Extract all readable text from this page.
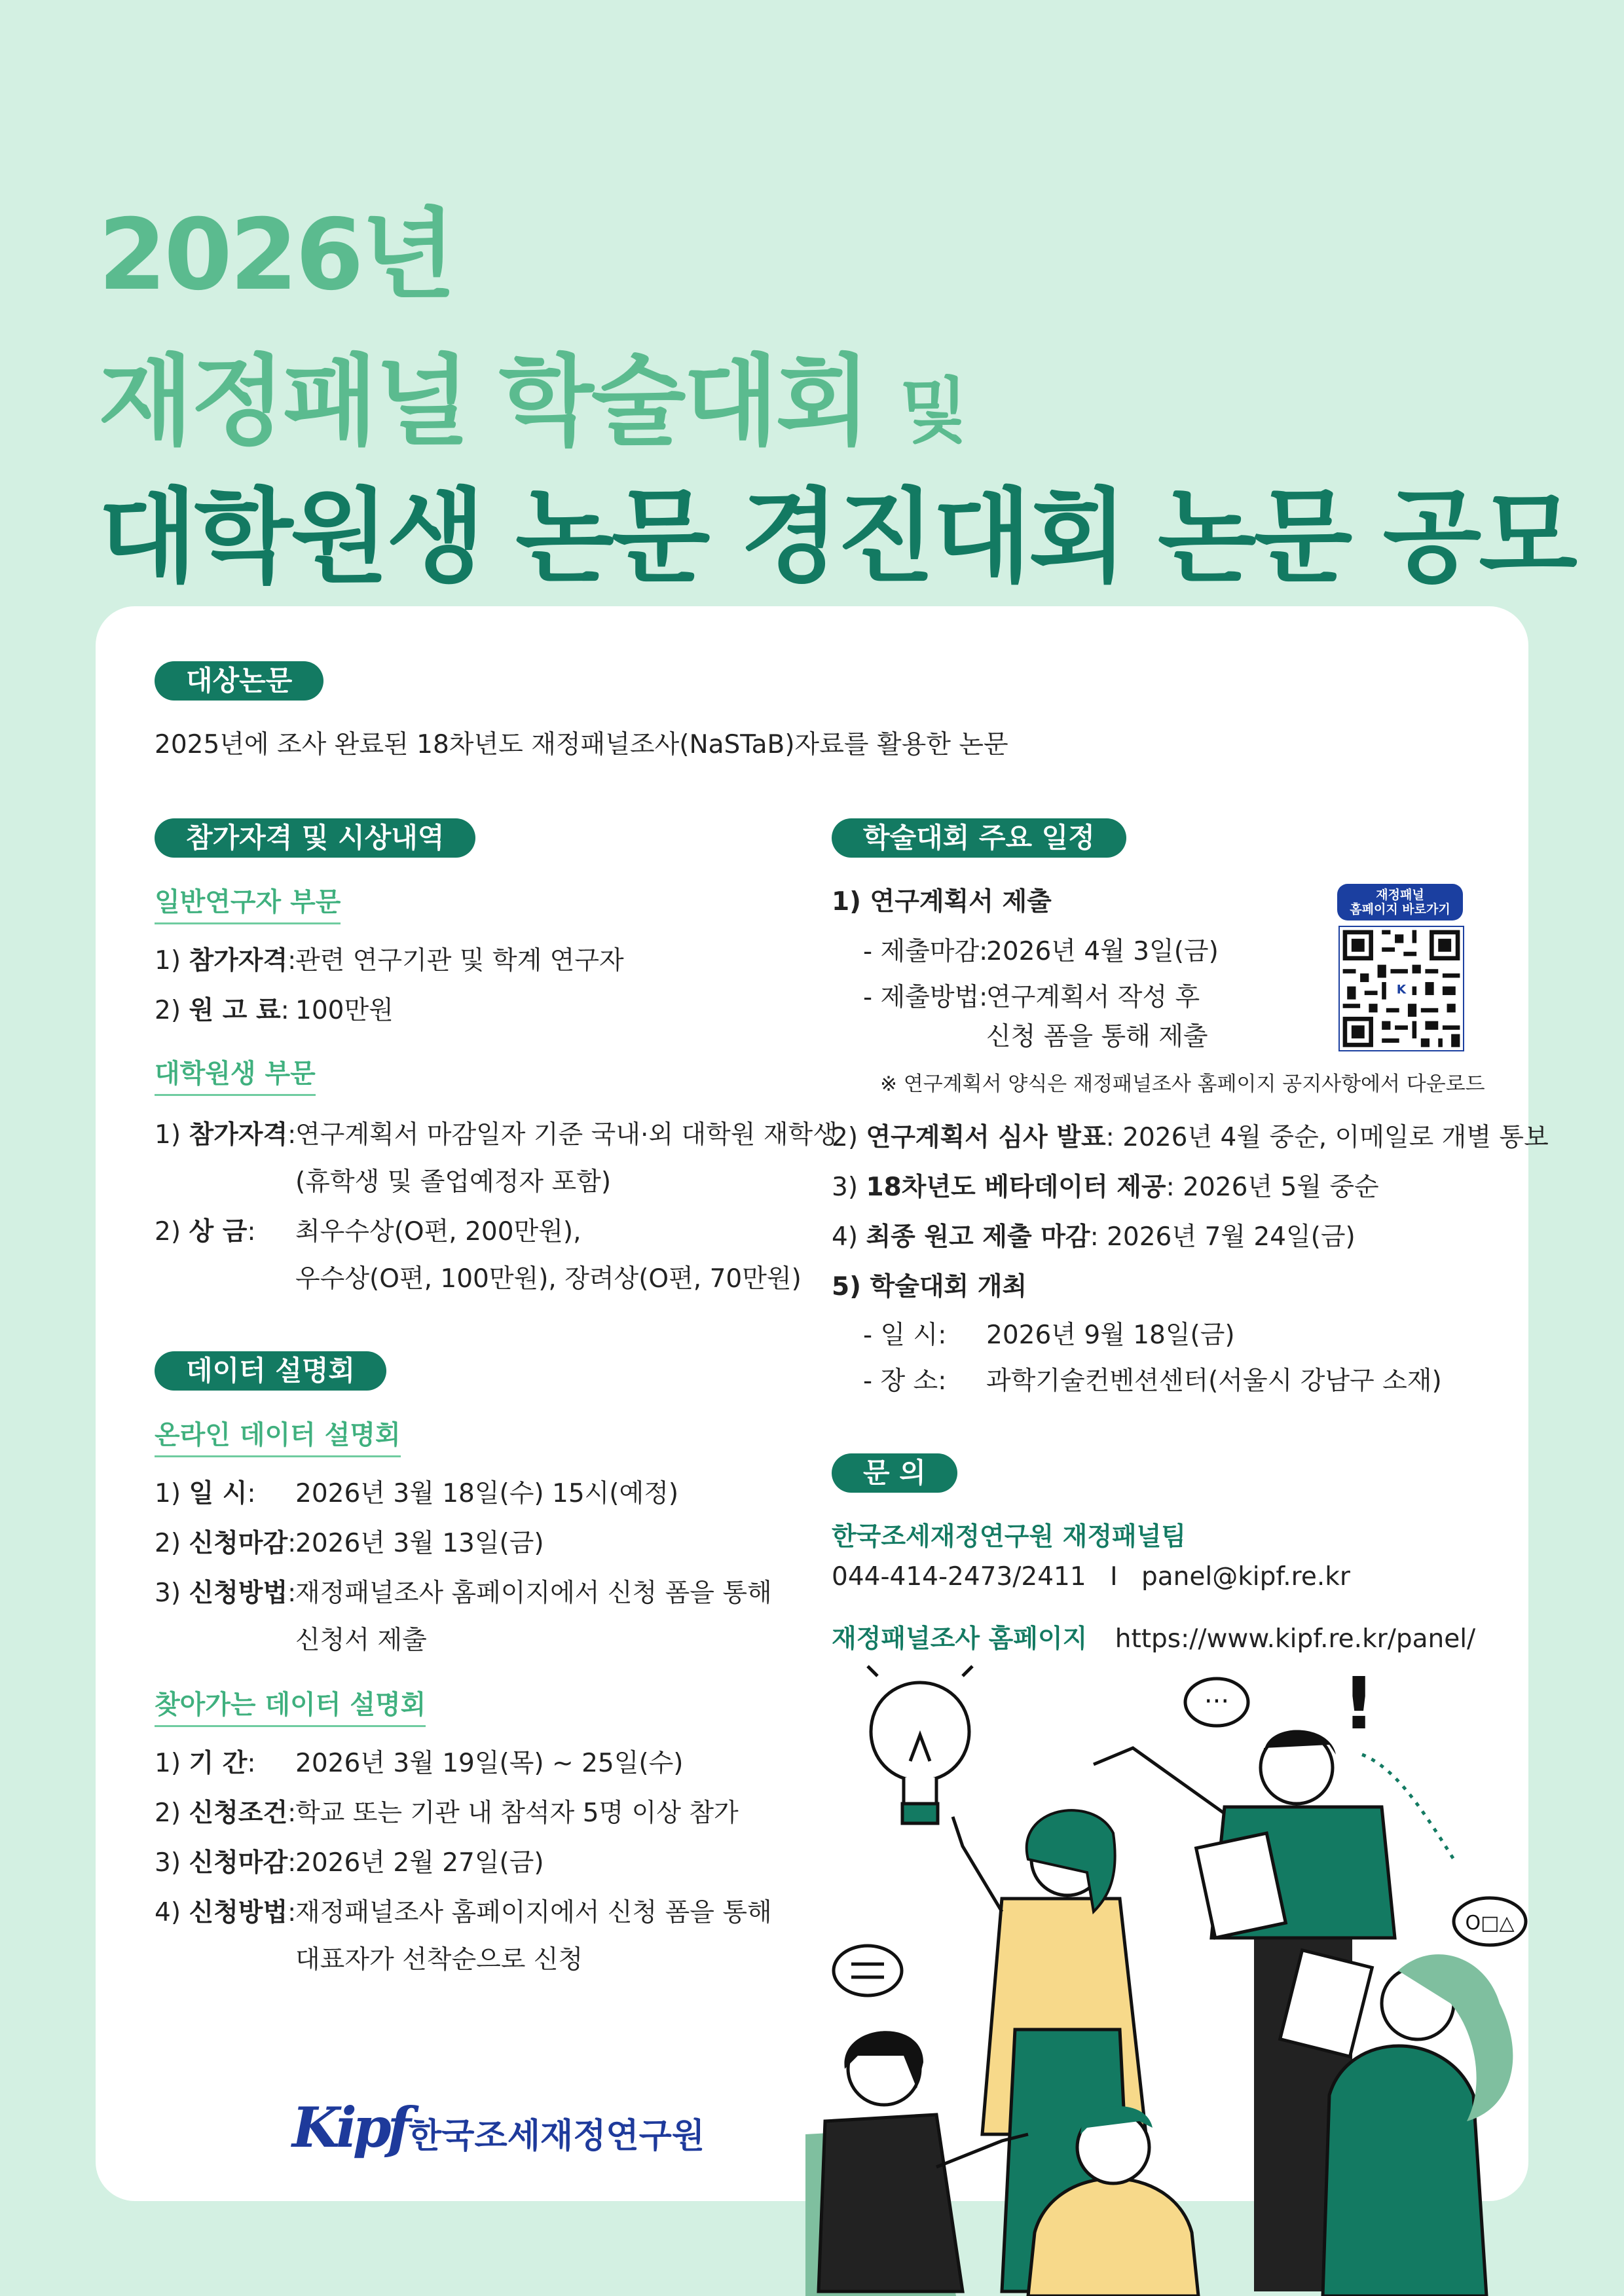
2026년
재정패널 학술대회 및
대학원생 논문 경진대회 논문 공모
대상논문
2025년에 조사 완료된 18차년도 재정패널조사(NaSTaB)자료를 활용한 논문
참가자격 및 시상내역
일반연구자 부문
1) 참가자격:
관련 연구기관 및 학계 연구자
2) 원 고 료: 100만원
대학원생 부문
1) 참가자격:
연구계획서 마감일자 기준 국내·외 대학원 재학생
(휴학생 및 졸업예정자 포함)
2) 상 금: 최우수상(O편, 200만원),
우수상(O편, 100만원), 장려상(O편, 70만원)
데이터 설명회
온라인 데이터 설명회
1) 일 시: 2026년 3월 18일(수) 15시(예정)
2) 신청마감:
2026년 3월 13일(금)
3) 신청방법:
재정패널조사 홈페이지에서 신청 폼을 통해
신청서 제출
찾아가는 데이터 설명회
1) 기 간: 2026년 3월 19일(목) ~ 25일(수)
2) 신청조건:
학교 또는 기관 내 참석자 5명 이상 참가
3) 신청마감:
2026년 2월 27일(금)
4) 신청방법:
재정패널조사 홈페이지에서 신청 폼을 통해
대표자가 선착순으로 신청
Kipf 한국조세재정연구원
학술대회 주요 일정
1) 연구계획서 제출
- 제출마감:
2026년 4월 3일(금)
- 제출방법:
연구계획서 작성 후
신청 폼을 통해 제출
※ 연구계획서 양식은 재정패널조사 홈페이지 공지사항에서 다운로드
재정패널
홈페이지 바로가기
K
2) 연구계획서 심사 발표: 2026년 4월 중순, 이메일로 개별 통보
3) 18차년도 베타데이터 제공: 2026년 5월 중순
4) 최종 원고 제출 마감: 2026년 7월 24일(금)
5) 학술대회 개최
- 일 시: 2026년 9월 18일(금)
- 장 소: 과학기술컨벤션센터(서울시 강남구 소재)
문 의
한국조세재정연구원 재정패널팀
044-414-2473/2411 I panel@kipf.re.kr
재정패널조사 홈페이지 https://www.kipf.re.kr/panel/
···
O□△
!
